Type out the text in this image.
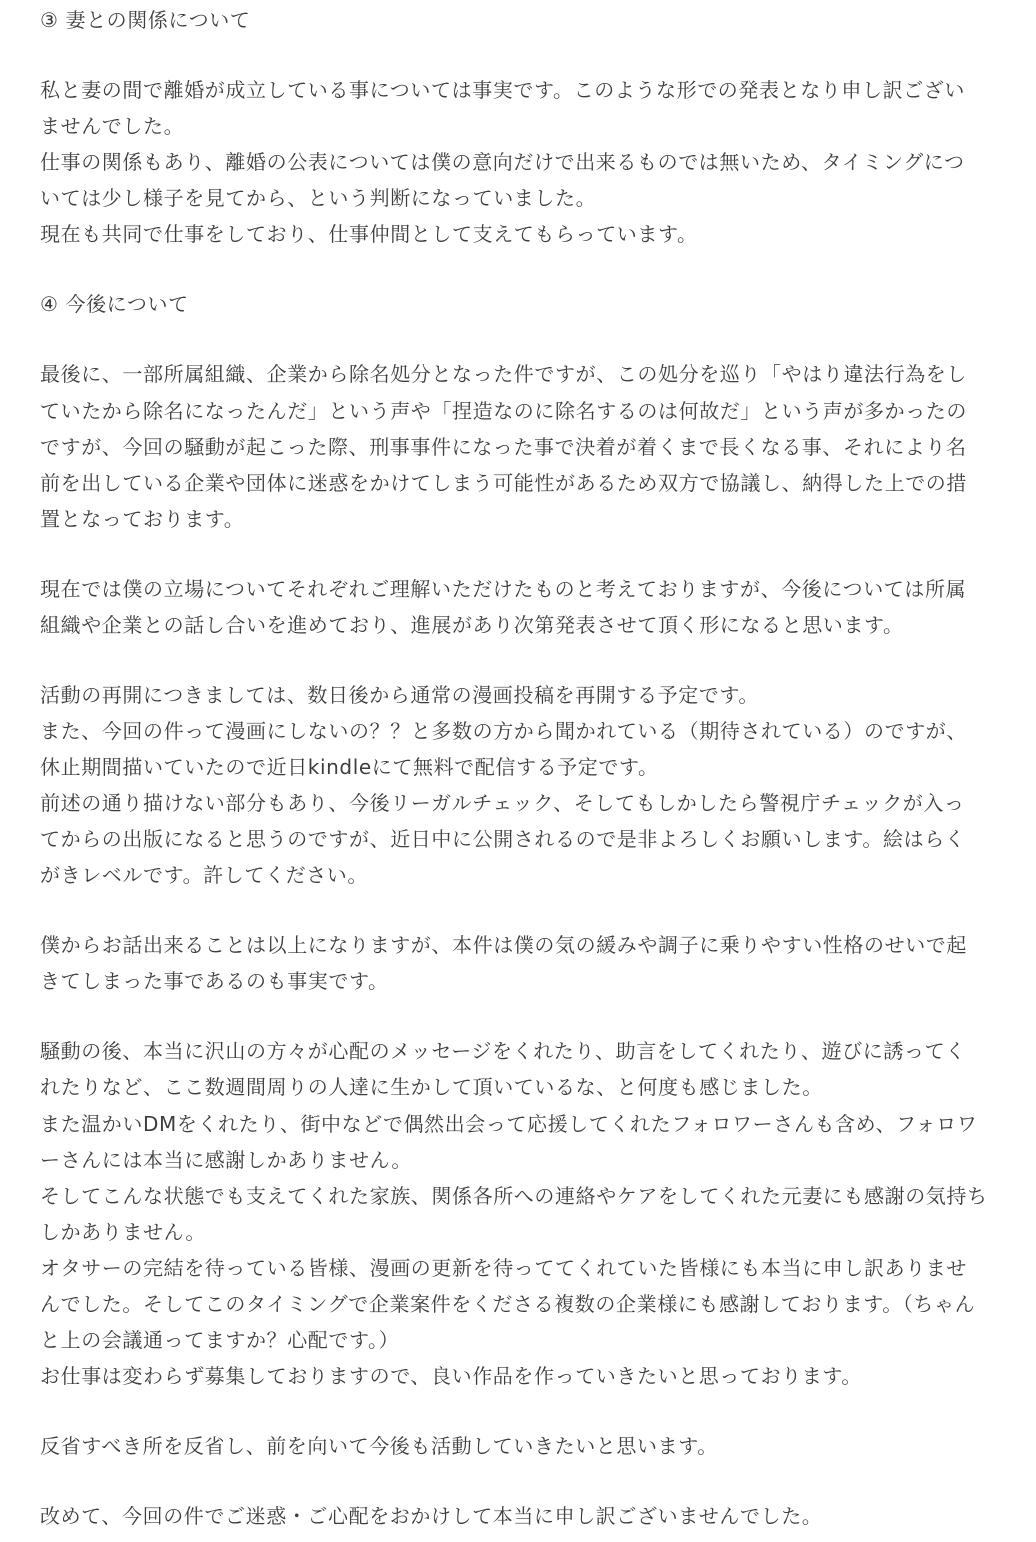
③ 妻との関係について
私と妻の間で離婚が成立している事については事実です。このような形での発表となり申し訳ござい
ませんでした。
仕事の関係もあり、離婚の公表については僕の意向だけで出来るものでは無いため、タイミングにつ
いては少し様子を見てから、という判断になっていました。
現在も共同で仕事をしており、仕事仲間として支えてもらっています。
④ 今後について
最後に、一部所属組織、企業から除名処分となった件ですが、この処分を巡り「やはり違法行為をし
ていたから除名になったんだ」という声や「捏造なのに除名するのは何故だ」という声が多かったの
ですが、今回の騒動が起こった際、刑事事件になった事で決着が着くまで長くなる事、それにより名
前を出している企業や団体に迷惑をかけてしまう可能性があるため双方で協議し、納得した上での措
置となっております。
現在では僕の立場についてそれぞれご理解いただけたものと考えておりますが、今後については所属
組織や企業との話し合いを進めており、進展があり次第発表させて頂く形になると思います。
活動の再開につきましては、数日後から通常の漫画投稿を再開する予定です。
また、今回の件って漫画にしないの？？と多数の方から聞かれている（期待されている）のですが、
休止期間描いていたので近日kindleにて無料で配信する予定です。
前述の通り描けない部分もあり、今後リーガルチェック、そしてもしかしたら警視庁チェックが入っ
てからの出版になると思うのですが、近日中に公開されるので是非よろしくお願いします。絵はらく
がきレベルです。許してください。
僕からお話出来ることは以上になりますが、本件は僕の気の緩みや調子に乗りやすい性格のせいで起
きてしまった事であるのも事実です。
騒動の後、本当に沢山の方々が心配のメッセージをくれたり、助言をしてくれたり、遊びに誘ってく
れたりなど、ここ数週間周りの人達に生かして頂いているな、と何度も感じました。
また温かいDMをくれたり、街中などで偶然出会って応援してくれたフォロワーさんも含め、フォロワ
ーさんには本当に感謝しかありません。
そしてこんな状態でも支えてくれた家族、関係各所への連絡やケアをしてくれた元妻にも感謝の気持ち
しかありません。
オタサーの完結を待っている皆様、漫画の更新を待っててくれていた皆様にも本当に申し訳ありませ
んでした。そしてこのタイミングで企業案件をくださる複数の企業様にも感謝しております。（ちゃん
と上の会議通ってますか？心配です。）
お仕事は変わらず募集しておりますので、良い作品を作っていきたいと思っております。
反省すべき所を反省し、前を向いて今後も活動していきたいと思います。
改めて、今回の件でご迷惑・ご心配をおかけして本当に申し訳ございませんでした。
